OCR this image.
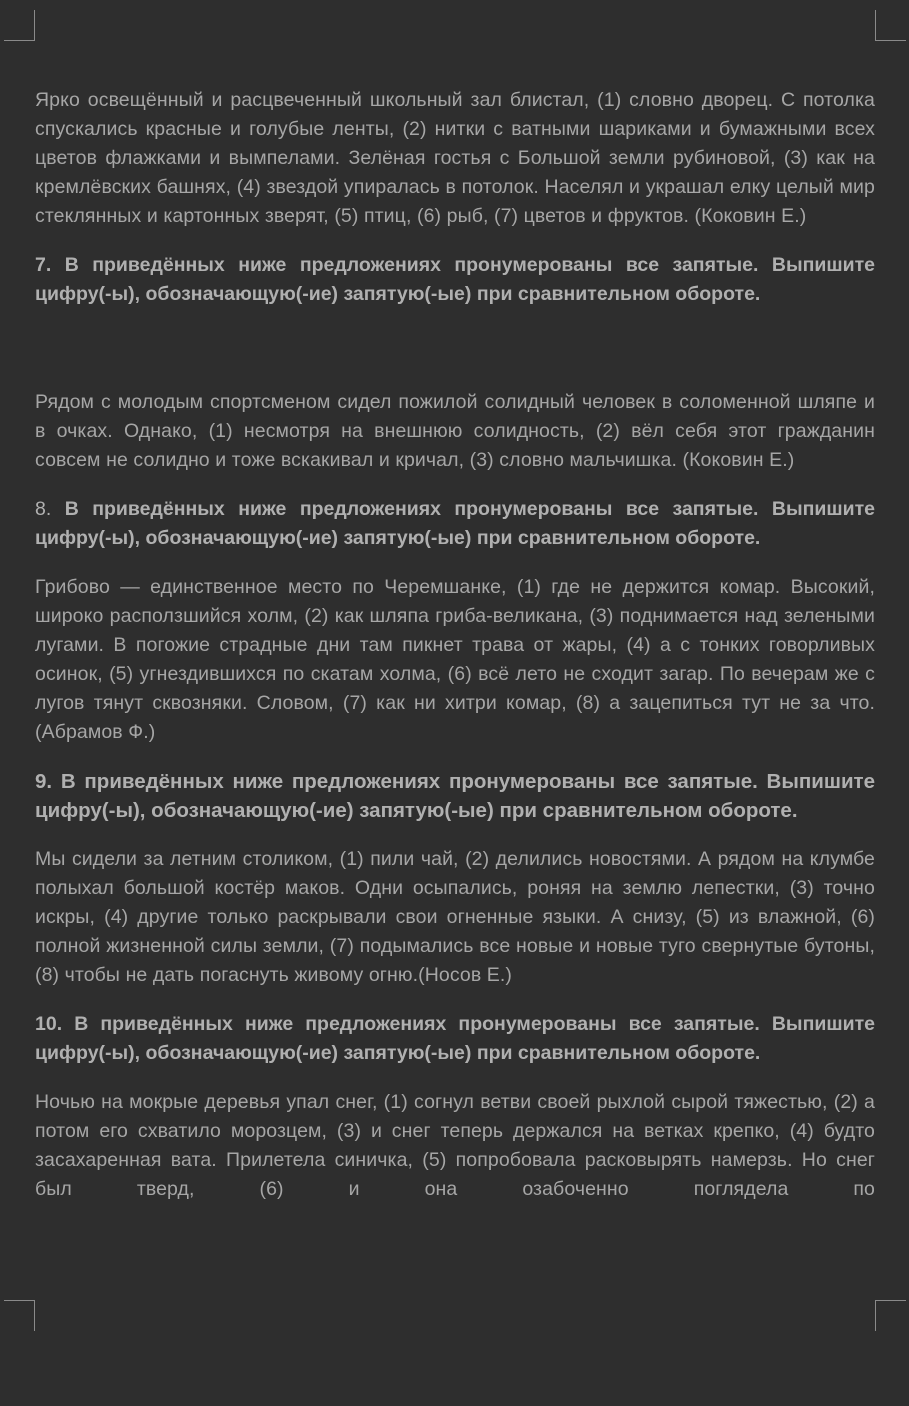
Ярко освещённый и расцвеченный школьный зал блистал, (1) словно дворец. С потолка спускались красные и голубые ленты, (2) нитки с ватными шариками и бумажными всех цветов флажками и вымпелами. Зелёная гостья с Большой земли рубиновой, (3) как на кремлёвских башнях, (4) звездой упиралась в потолок. Населял и украшал елку целый мир стеклянных и картонных зверят, (5) птиц, (6) рыб, (7) цветов и фруктов. (Коковин Е.)

7. В приведённых ниже предложениях пронумерованы все запятые. Выпишите цифру(-ы), обозначающую(-ие) запятую(-ые) при сравнительном обороте.

Рядом с молодым спортсменом сидел пожилой солидный человек в соломенной шляпе и в очках. Однако, (1) несмотря на внешнюю солидность, (2) вёл себя этот гражданин совсем не солидно и тоже вскакивал и кричал, (3) словно мальчишка. (Коковин Е.)

8. В приведённых ниже предложениях пронумерованы все запятые. Выпишите цифру(-ы), обозначающую(-ие) запятую(-ые) при сравнительном обороте.

Грибово — единственное место по Черемшанке, (1) где не держится комар. Высокий, широко расползшийся холм, (2) как шляпа гриба-великана, (3) поднимается над зелеными лугами. В погожие страдные дни там пикнет трава от жары, (4) а с тонких говорливых осинок, (5) угнездившихся по скатам холма, (6) всё лето не сходит загар. По вечерам же с лугов тянут сквозняки. Словом, (7) как ни хитри комар, (8) а зацепиться тут не за что. (Абрамов Ф.)

9. В приведённых ниже предложениях пронумерованы все запятые. Выпишите цифру(-ы), обозначающую(-ие) запятую(-ые) при сравнительном обороте.

Мы сидели за летним столиком, (1) пили чай, (2) делились новостями. А рядом на клумбе полыхал большой костёр маков. Одни осыпались, роняя на землю лепестки, (3) точно искры, (4) другие только раскрывали свои огненные языки. А снизу, (5) из влажной, (6) полной жизненной силы земли, (7) подымались все новые и новые туго свернутые бутоны, (8) чтобы не дать погаснуть живому огню.(Носов Е.)

10. В приведённых ниже предложениях пронумерованы все запятые. Выпишите цифру(-ы), обозначающую(-ие) запятую(-ые) при сравнительном обороте.

Ночью на мокрые деревья упал снег, (1) согнул ветви своей рыхлой сырой тяжестью, (2) а потом его схватило морозцем, (3) и снег теперь держался на ветках крепко, (4) будто засахаренная вата. Прилетела синичка, (5) попробовала расковырять намерзь. Но снег был тверд, (6) и она озабоченно поглядела по
